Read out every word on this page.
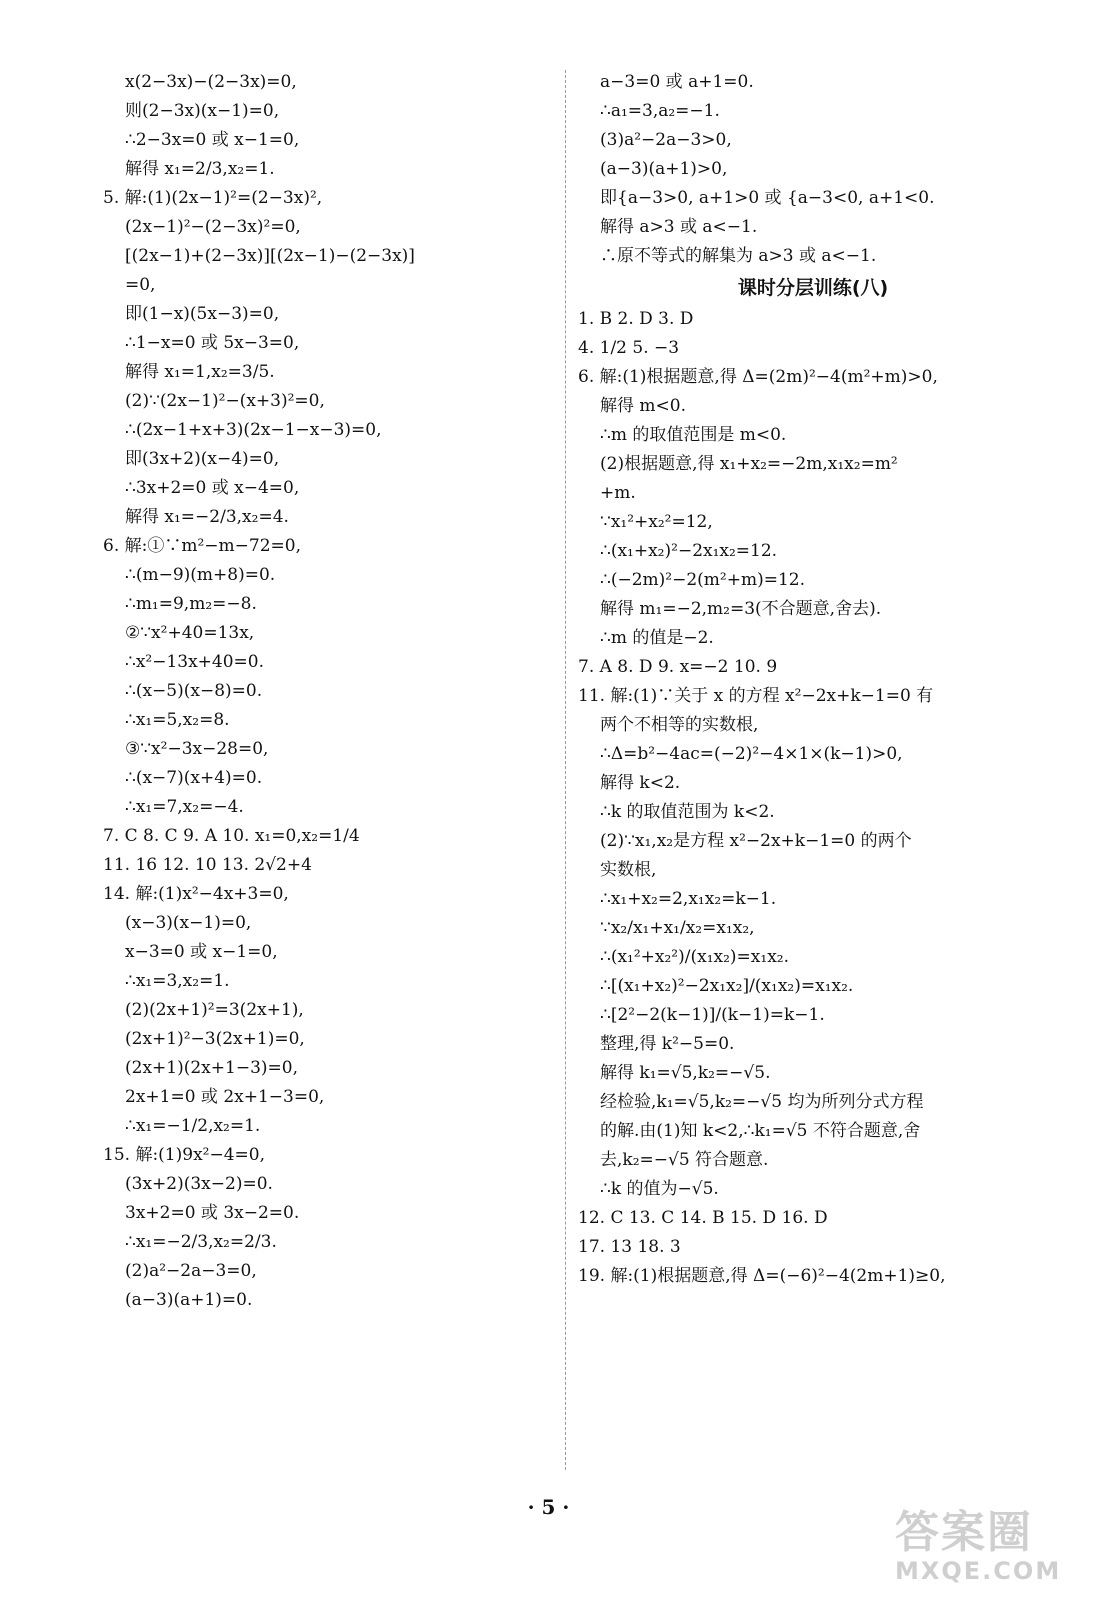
x(2−3x)−(2−3x)=0,
则(2−3x)(x−1)=0,
∴2−3x=0 或 x−1=0,
解得 x₁=2/3,x₂=1.
5. 解:(1)(2x−1)²=(2−3x)²,
(2x−1)²−(2−3x)²=0,
[(2x−1)+(2−3x)][(2x−1)−(2−3x)]
=0,
即(1−x)(5x−3)=0,
∴1−x=0 或 5x−3=0,
解得 x₁=1,x₂=3/5.
(2)∵(2x−1)²−(x+3)²=0,
∴(2x−1+x+3)(2x−1−x−3)=0,
即(3x+2)(x−4)=0,
∴3x+2=0 或 x−4=0,
解得 x₁=−2/3,x₂=4.
6. 解:①∵m²−m−72=0,
∴(m−9)(m+8)=0.
∴m₁=9,m₂=−8.
②∵x²+40=13x,
∴x²−13x+40=0.
∴(x−5)(x−8)=0.
∴x₁=5,x₂=8.
③∵x²−3x−28=0,
∴(x−7)(x+4)=0.
∴x₁=7,x₂=−4.
7. C 8. C 9. A 10. x₁=0,x₂=1/4
11. 16 12. 10 13. 2√2+4
14. 解:(1)x²−4x+3=0,
(x−3)(x−1)=0,
x−3=0 或 x−1=0,
∴x₁=3,x₂=1.
(2)(2x+1)²=3(2x+1),
(2x+1)²−3(2x+1)=0,
(2x+1)(2x+1−3)=0,
2x+1=0 或 2x+1−3=0,
∴x₁=−1/2,x₂=1.
15. 解:(1)9x²−4=0,
(3x+2)(3x−2)=0.
3x+2=0 或 3x−2=0.
∴x₁=−2/3,x₂=2/3.
(2)a²−2a−3=0,
(a−3)(a+1)=0.
a−3=0 或 a+1=0.
∴a₁=3,a₂=−1.
(3)a²−2a−3>0,
(a−3)(a+1)>0,
即{a−3>0, a+1>0 或 {a−3<0, a+1<0.
解得 a>3 或 a<−1.
∴原不等式的解集为 a>3 或 a<−1.
课时分层训练(八)
1. B 2. D 3. D
4. 1/2 5. −3
6. 解:(1)根据题意,得 Δ=(2m)²−4(m²+m)>0,
解得 m<0.
∴m 的取值范围是 m<0.
(2)根据题意,得 x₁+x₂=−2m,x₁x₂=m²
+m.
∵x₁²+x₂²=12,
∴(x₁+x₂)²−2x₁x₂=12.
∴(−2m)²−2(m²+m)=12.
解得 m₁=−2,m₂=3(不合题意,舍去).
∴m 的值是−2.
7. A 8. D 9. x=−2 10. 9
11. 解:(1)∵关于 x 的方程 x²−2x+k−1=0 有
两个不相等的实数根,
∴Δ=b²−4ac=(−2)²−4×1×(k−1)>0,
解得 k<2.
∴k 的取值范围为 k<2.
(2)∵x₁,x₂是方程 x²−2x+k−1=0 的两个
实数根,
∴x₁+x₂=2,x₁x₂=k−1.
∵x₂/x₁+x₁/x₂=x₁x₂,
∴(x₁²+x₂²)/(x₁x₂)=x₁x₂.
∴[(x₁+x₂)²−2x₁x₂]/(x₁x₂)=x₁x₂.
∴[2²−2(k−1)]/(k−1)=k−1.
整理,得 k²−5=0.
解得 k₁=√5,k₂=−√5.
经检验,k₁=√5,k₂=−√5 均为所列分式方程
的解.由(1)知 k<2,∴k₁=√5 不符合题意,舍
去,k₂=−√5 符合题意.
∴k 的值为−√5.
12. C 13. C 14. B 15. D 16. D
17. 13 18. 3
19. 解:(1)根据题意,得 Δ=(−6)²−4(2m+1)≥0,
· 5 ·	答案圈
MXQE.COM
